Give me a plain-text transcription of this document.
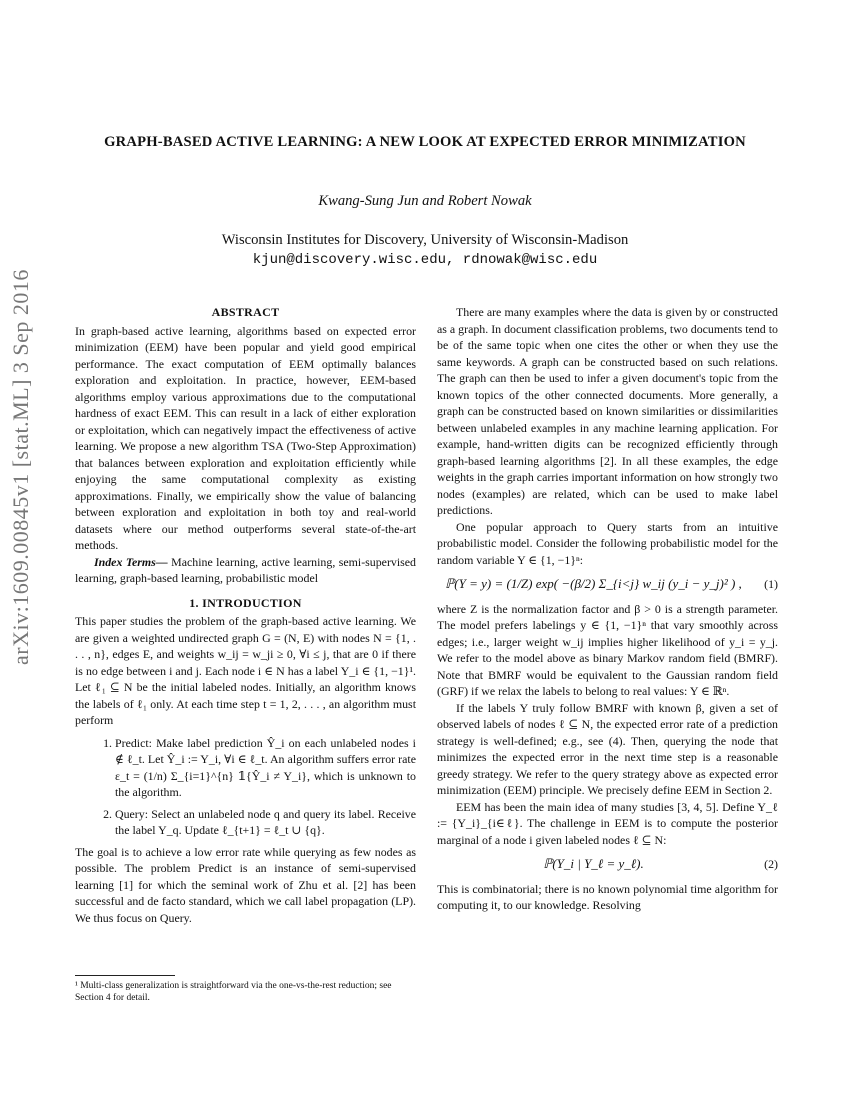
arXiv:1609.00845v1 [stat.ML] 3 Sep 2016
GRAPH-BASED ACTIVE LEARNING: A NEW LOOK AT EXPECTED ERROR MINIMIZATION
Kwang-Sung Jun and Robert Nowak
Wisconsin Institutes for Discovery, University of Wisconsin-Madison
kjun@discovery.wisc.edu, rdnowak@wisc.edu
ABSTRACT

In graph-based active learning, algorithms based on expected error minimization (EEM) have been popular and yield good empirical performance. The exact computation of EEM optimally balances exploration and exploitation. In practice, however, EEM-based algorithms employ various approximations due to the computational hardness of exact EEM. This can result in a lack of either exploration or exploitation, which can negatively impact the effectiveness of active learning. We propose a new algorithm TSA (Two-Step Approximation) that balances between exploration and exploitation efficiently while enjoying the same computational complexity as existing approximations. Finally, we empirically show the value of balancing between exploration and exploitation in both toy and real-world datasets where our method outperforms several state-of-the-art methods.

Index Terms— Machine learning, active learning, semi-supervised learning, graph-based learning, probabilistic model

1. INTRODUCTION

This paper studies the problem of the graph-based active learning. We are given a weighted undirected graph G = (N, E) with nodes N = {1, . . . , n}, edges E, and weights w_ij = w_ji ≥ 0, ∀i ≤ j, that are 0 if there is no edge between i and j. Each node i ∈ N has a label Y_i ∈ {1, −1}¹. Let ℓ₁ ⊆ N be the initial labeled nodes. Initially, an algorithm knows the labels of ℓ₁ only. At each time step t = 1, 2, . . . , an algorithm must perform

1. Predict: Make label prediction Ŷ_i on each unlabeled nodes i ∉ ℓ_t. Let Ŷ_i := Y_i, ∀i ∈ ℓ_t. An algorithm suffers error rate ε_t = (1/n) Σ_{i=1}^{n} 𝟙{Ŷ_i ≠ Y_i}, which is unknown to the algorithm.
2. Query: Select an unlabeled node q and query its label. Receive the label Y_q. Update ℓ_{t+1} = ℓ_t ∪ {q}.

The goal is to achieve a low error rate while querying as few nodes as possible. The problem Predict is an instance of semi-supervised learning [1] for which the seminal work of Zhu et al. [2] has been successful and de facto standard, which we call label propagation (LP). We thus focus on Query.

¹ Multi-class generalization is straightforward via the one-vs-the-rest reduction; see Section 4 for detail.

There are many examples where the data is given by or constructed as a graph. In document classification problems, two documents tend to be of the same topic when one cites the other or when they use the same keywords. A graph can be constructed based on such relations. The graph can then be used to infer a given document's topic from the known topics of the other connected documents. More generally, a graph can be constructed based on known similarities or dissimilarities between unlabeled examples in any machine learning application. For example, hand-written digits can be recognized efficiently through graph-based learning algorithms [2]. In all these examples, the edge weights in the graph carries important information on how strongly two nodes (examples) are related, which can be used to make label predictions.

One popular approach to Query starts from an intuitive probabilistic model. Consider the following probabilistic model for the random variable Y ∈ {1, −1}ⁿ:

ℙ(Y = y) = (1/Z) exp( −(β/2) Σ_{i<j} w_ij (y_i − y_j)² ) ,	(1)

where Z is the normalization factor and β > 0 is a strength parameter. The model prefers labelings y ∈ {1, −1}ⁿ that vary smoothly across edges; i.e., larger weight w_ij implies higher likelihood of y_i = y_j. We refer to the model above as binary Markov random field (BMRF). Note that BMRF would be equivalent to the Gaussian random field (GRF) if we relax the labels to belong to real values: Y ∈ ℝⁿ.

If the labels Y truly follow BMRF with known β, given a set of observed labels of nodes ℓ ⊆ N, the expected error rate of a prediction strategy is well-defined; e.g., see (4). Then, querying the node that minimizes the expected error in the next time step is a reasonable greedy strategy. We refer to the query strategy above as expected error minimization (EEM) principle. We precisely define EEM in Section 2.

EEM has been the main idea of many studies [3, 4, 5]. Define Y_ℓ := {Y_i}_{i∈ℓ}. The challenge in EEM is to compute the posterior marginal of a node i given labeled nodes ℓ ⊆ N:

ℙ(Y_i | Y_ℓ = y_ℓ).	(2)

This is combinatorial; there is no known polynomial time algorithm for computing it, to our knowledge. Resolving
